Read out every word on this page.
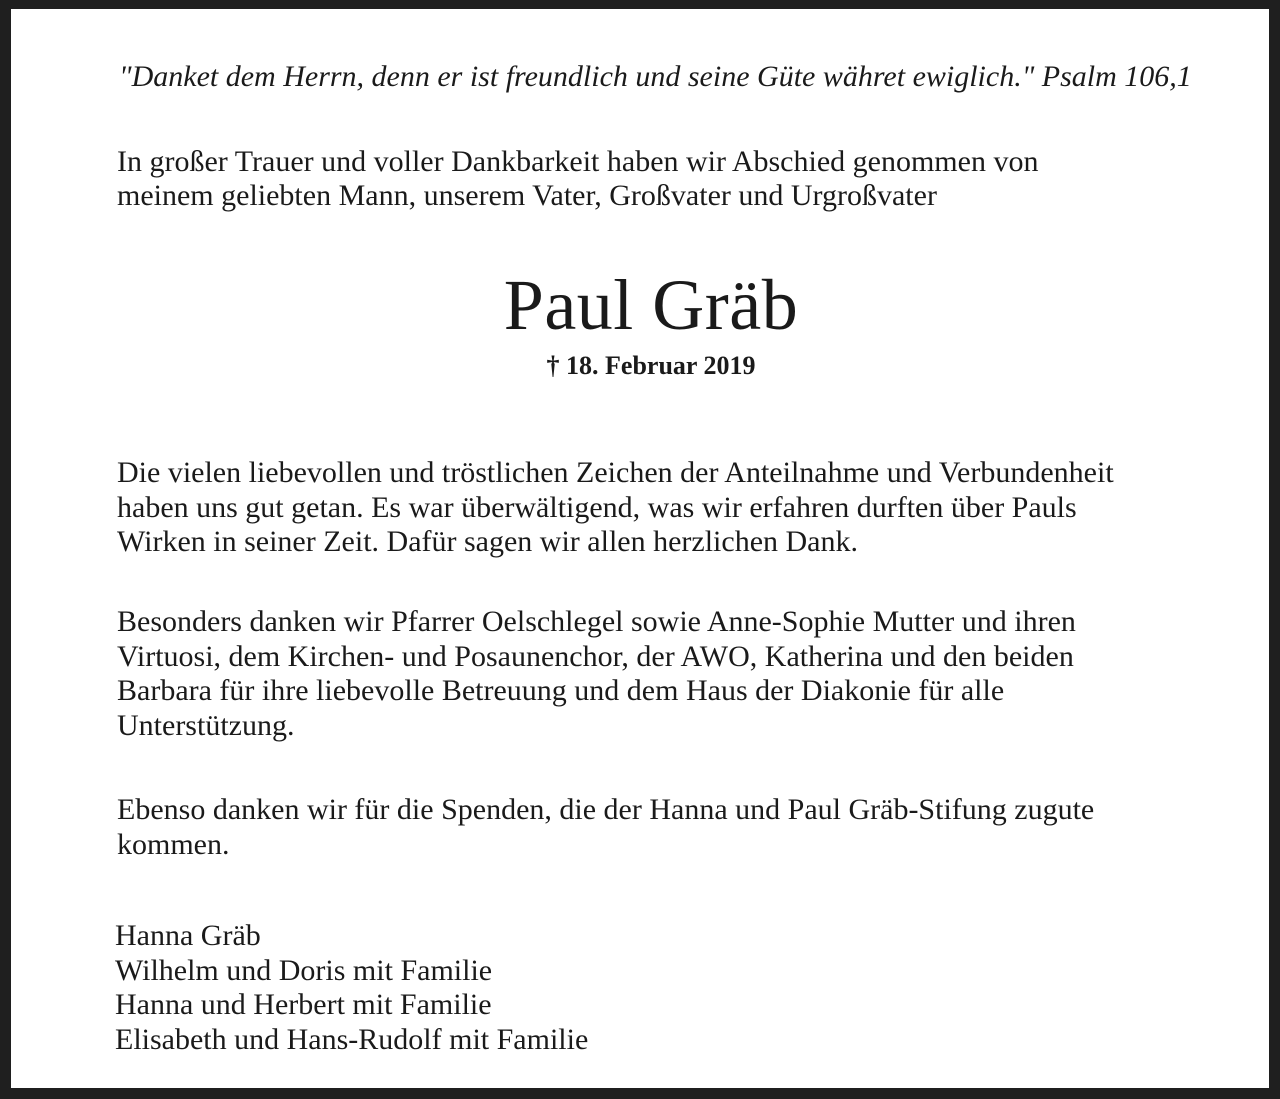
"Danket dem Herrn, denn er ist freundlich und seine Güte währet ewiglich." Psalm 106,1
In großer Trauer und voller Dankbarkeit haben wir Abschied genommen von
meinem geliebten Mann, unserem Vater, Großvater und Urgroßvater
Paul Gräb
† 18. Februar 2019
Die vielen liebevollen und tröstlichen Zeichen der Anteilnahme und Verbundenheit
haben uns gut getan. Es war überwältigend, was wir erfahren durften über Pauls
Wirken in seiner Zeit. Dafür sagen wir allen herzlichen Dank.
Besonders danken wir Pfarrer Oelschlegel sowie Anne-Sophie Mutter und ihren
Virtuosi, dem Kirchen- und Posaunenchor, der AWO, Katherina und den beiden
Barbara für ihre liebevolle Betreuung und dem Haus der Diakonie für alle
Unterstützung.
Ebenso danken wir für die Spenden, die der Hanna und Paul Gräb-Stifung zugute
kommen.
Hanna Gräb
Wilhelm und Doris mit Familie
Hanna und Herbert mit Familie
Elisabeth und Hans-Rudolf mit Familie
